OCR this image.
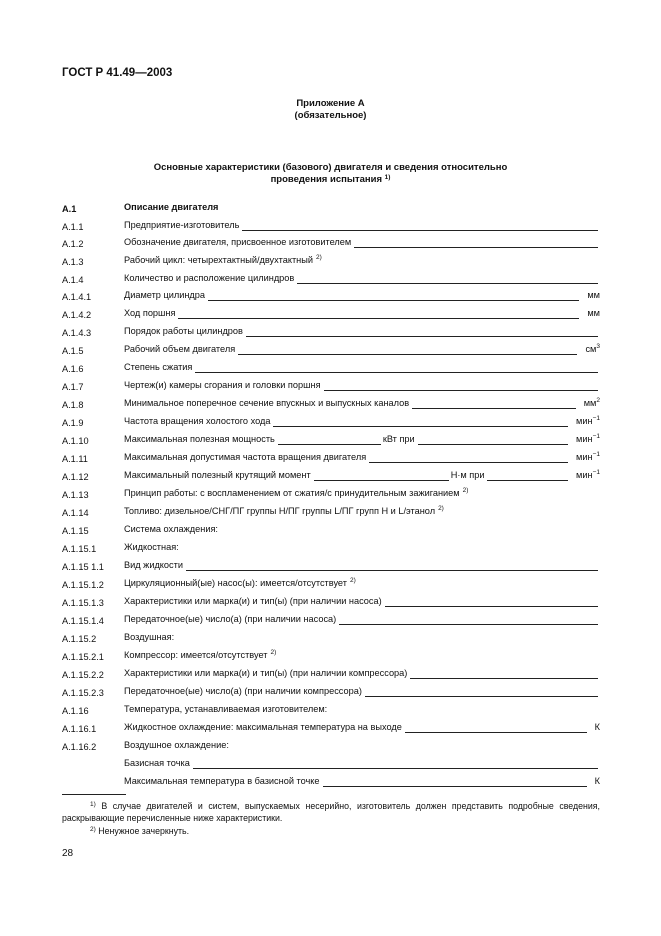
ГОСТ Р 41.49—2003
Приложение А
(обязательное)
Основные характеристики (базового) двигателя и сведения относительно
проведения испытания $^{1)}$
А.1	Описание двигателя
А.1.1	Предприятие-изготовитель
А.1.2	Обозначение двигателя, присвоенное изготовителем
А.1.3	Рабочий цикл: четырехтактный/двухтактный $^{2)}$
А.1.4	Количество и расположение цилиндров
А.1.4.1	Диаметр цилиндра	мм
А.1.4.2	Ход поршня	мм
А.1.4.3	Порядок работы цилиндров
А.1.5	Рабочий объем двигателя	$см^3$
А.1.6	Степень сжатия
А.1.7	Чертеж(и) камеры сгорания и головки поршня
А.1.8	Минимальное поперечное сечение впускных и выпускных каналов	$мм^2$
А.1.9	Частота вращения холостого хода	мин$^{-1}$
А.1.10	Максимальная полезная мощность	кВт при	мин$^{-1}$
А.1.11	Максимальная допустимая частота вращения двигателя	мин$^{-1}$
А.1.12	Максимальный полезный крутящий момент	Н·м при	мин$^{-1}$
А.1.13	Принцип работы: с воспламенением от сжатия/с принудительным зажиганием $^{2)}$
А.1.14	Топливо: дизельное/СНГ/ПГ группы Н/ПГ группы L/ПГ групп Н и L/этанол $^{2)}$
А.1.15	Система охлаждения:
А.1.15.1	Жидкостная:
А.1.15 1.1 Вид жидкости
А.1.15.1.2 Циркуляционный(ые) насос(ы): имеется/отсутствует $^{2)}$
А.1.15.1.3 Характеристики или марка(и) и тип(ы) (при наличии насоса)
А.1.15.1.4 Передаточное(ые) число(а) (при наличии насоса)
А.1.15.2	Воздушная:
А.1.15.2.1 Компрессор: имеется/отсутствует $^{2)}$
А.1.15.2.2 Характеристики или марка(и) и тип(ы) (при наличии компрессора)
А.1.15.2.3 Передаточное(ые) число(а) (при наличии компрессора)
А.1.16	Температура, устанавливаемая изготовителем:
А.1.16.1	Жидкостное охлаждение: максимальная температура на выходе	К
А.1.16.2	Воздушное охлаждение:
Базисная точка
Максимальная температура в базисной точке	К
$^{1)}$ В случае двигателей и систем, выпускаемых несерийно, изготовитель должен представить подробные сведения, раскрывающие перечисленные ниже характеристики.
$^{2)}$ Ненужное зачеркнуть.
28
